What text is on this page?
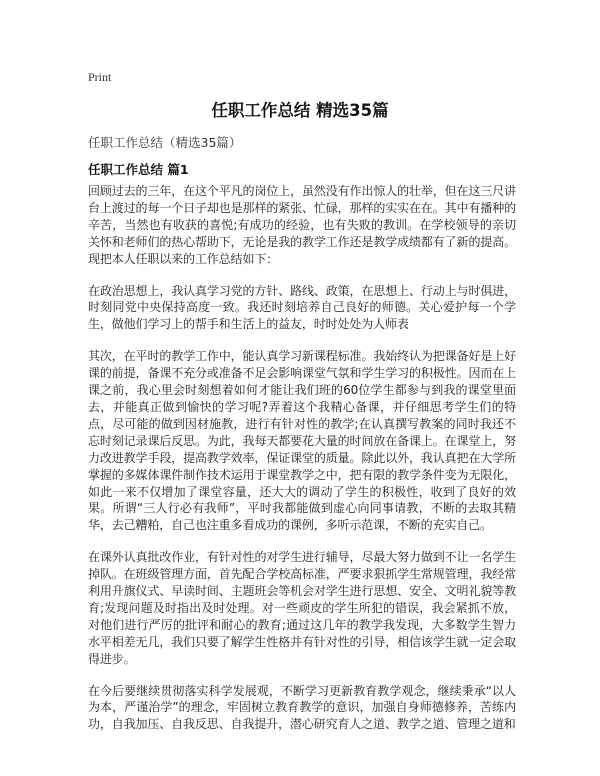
Print
任职工作总结 精选35篇

任职工作总结（精选35篇）

任职工作总结 篇1

回顾过去的三年，在这个平凡的岗位上，虽然没有作出惊人的壮举，但在这三尺讲台上渡过的每一个日子却也是那样的紧张、忙碌，那样的实实在在。其中有播种的辛苦，当然也有收获的喜悦;有成功的经验，也有失败的教训。在学校领导的亲切关怀和老师们的热心帮助下，无论是我的教学工作还是教学成绩都有了新的提高。现把本人任职以来的工作总结如下：

在政治思想上，我认真学习党的方针、路线、政策，在思想上、行动上与时俱进，时刻同党中央保持高度一致。我还时刻培养自己良好的师德。关心爱护每一个学生，做他们学习上的帮手和生活上的益友，时时处处为人师表

其次，在平时的教学工作中，能认真学习新课程标准。我始终认为把课备好是上好课的前提，备课不充分或准备不足会影响课堂气氛和学生学习的积极性。因而在上课之前，我心里会时刻想着如何才能让我们班的60位学生都参与到我的课堂里面去，并能真正做到愉快的学习呢?弄着这个我精心备课，并仔细思考学生们的特点，尽可能的做到因材施教，进行有针对性的教学;在认真撰写教案的同时我还不忘时刻记录课后反思。为此，我每天都要花大量的时间放在备课上。在课堂上，努力改进教学手段，提高教学效率，保证课堂的质量。除此以外，我认真把在大学所掌握的多媒体课件制作技术运用于课堂教学之中，把有限的教学条件变为无限化，如此一来不仅增加了课堂容量，还大大的调动了学生的积极性，收到了良好的效果。所谓“三人行必有我师”，平时我都能做到虚心向同事请教，不断的去取其精华，去己糟粕，自己也注重多看成功的课例，多听示范课，不断的充实自己。

在课外认真批改作业，有针对性的对学生进行辅导，尽最大努力做到不让一名学生掉队。在班级管理方面，首先配合学校高标准，严要求狠抓学生常规管理，我经常利用升旗仪式、早读时间、主题班会等机会对学生进行思想、安全、文明礼貌等教育;发现问题及时指出及时处理。对一些顽皮的学生所犯的错误，我会紧抓不放，对他们进行严厉的批评和耐心的教育;通过这几年的教学我发现，大多数学生智力水平相差无几，我们只要了解学生性格并有针对性的引导，相信该学生就一定会取得进步。

在今后要继续贯彻落实科学发展观，不断学习更新教育教学观念，继续秉承“以人为本，严谨治学”的理念，牢固树立教育教学的意识，加强自身师德修养，苦练内功，自我加压、自我反思、自我提升，潜心研究育人之道、教学之道、管理之道和
